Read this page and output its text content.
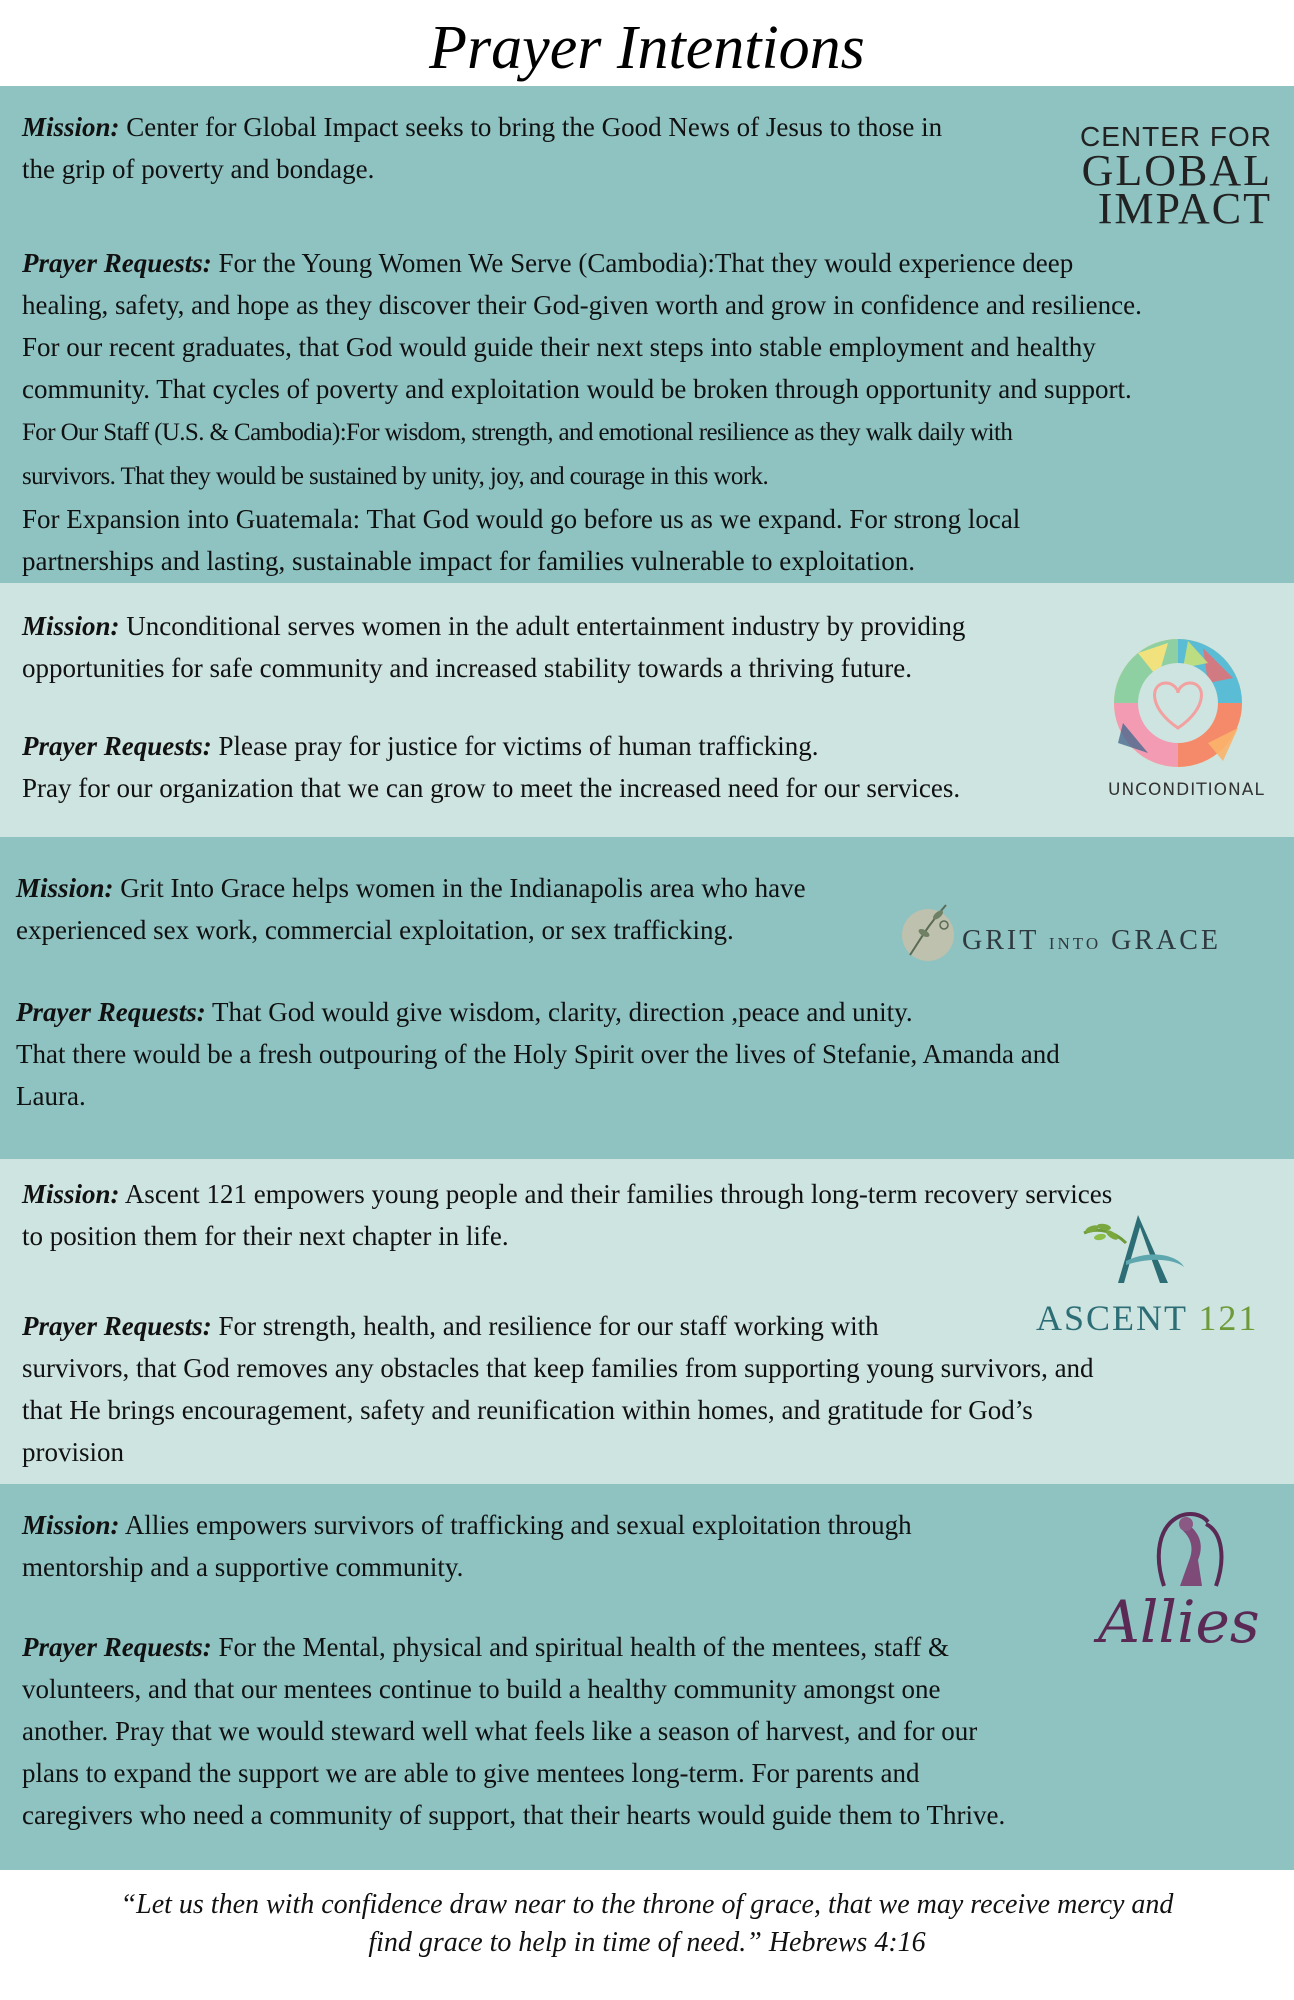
Prayer Intentions

Mission: Center for Global Impact seeks to bring the Good News of Jesus to those in
the grip of poverty and bondage.

Prayer Requests: For the Young Women We Serve (Cambodia):That they would experience deep
healing, safety, and hope as they discover their God-given worth and grow in confidence and resilience.
For our recent graduates, that God would guide their next steps into stable employment and healthy
community. That cycles of poverty and exploitation would be broken through opportunity and support.
For Our Staff (U.S. & Cambodia):For wisdom, strength, and emotional resilience as they walk daily with
survivors. That they would be sustained by unity, joy, and courage in this work.
For Expansion into Guatemala: That God would go before us as we expand. For strong local
partnerships and lasting, sustainable impact for families vulnerable to exploitation.

CENTER FOR
GLOBAL
IMPACT

Mission: Unconditional serves women in the adult entertainment industry by providing
opportunities for safe community and increased stability towards a thriving future.

Prayer Requests: Please pray for justice for victims of human trafficking.
Pray for our organization that we can grow to meet the increased need for our services.	UNCONDITIONAL

Mission: Grit Into Grace helps women in the Indianapolis area who have
experienced sex work, commercial exploitation, or sex trafficking.

Prayer Requests: That God would give wisdom, clarity, direction ,peace and unity.
That there would be a fresh outpouring of the Holy Spirit over the lives of Stefanie, Amanda and
Laura.

GRIT INTO GRACE

Mission: Ascent 121 empowers young people and their families through long-term recovery services
to position them for their next chapter in life.

Prayer Requests: For strength, health, and resilience for our staff working with
survivors, that God removes any obstacles that keep families from supporting young survivors, and
that He brings encouragement, safety and reunification within homes, and gratitude for God’s
provision

ASCENT 121

Mission: Allies empowers survivors of trafficking and sexual exploitation through
mentorship and a supportive community.

Prayer Requests: For the Mental, physical and spiritual health of the mentees, staff &
volunteers, and that our mentees continue to build a healthy community amongst one
another. Pray that we would steward well what feels like a season of harvest, and for our
plans to expand the support we are able to give mentees long-term. For parents and
caregivers who need a community of support, that their hearts would guide them to Thrive.

Allies
“Let us then with confidence draw near to the throne of grace, that we may receive mercy and
find grace to help in time of need.” Hebrews 4:16
